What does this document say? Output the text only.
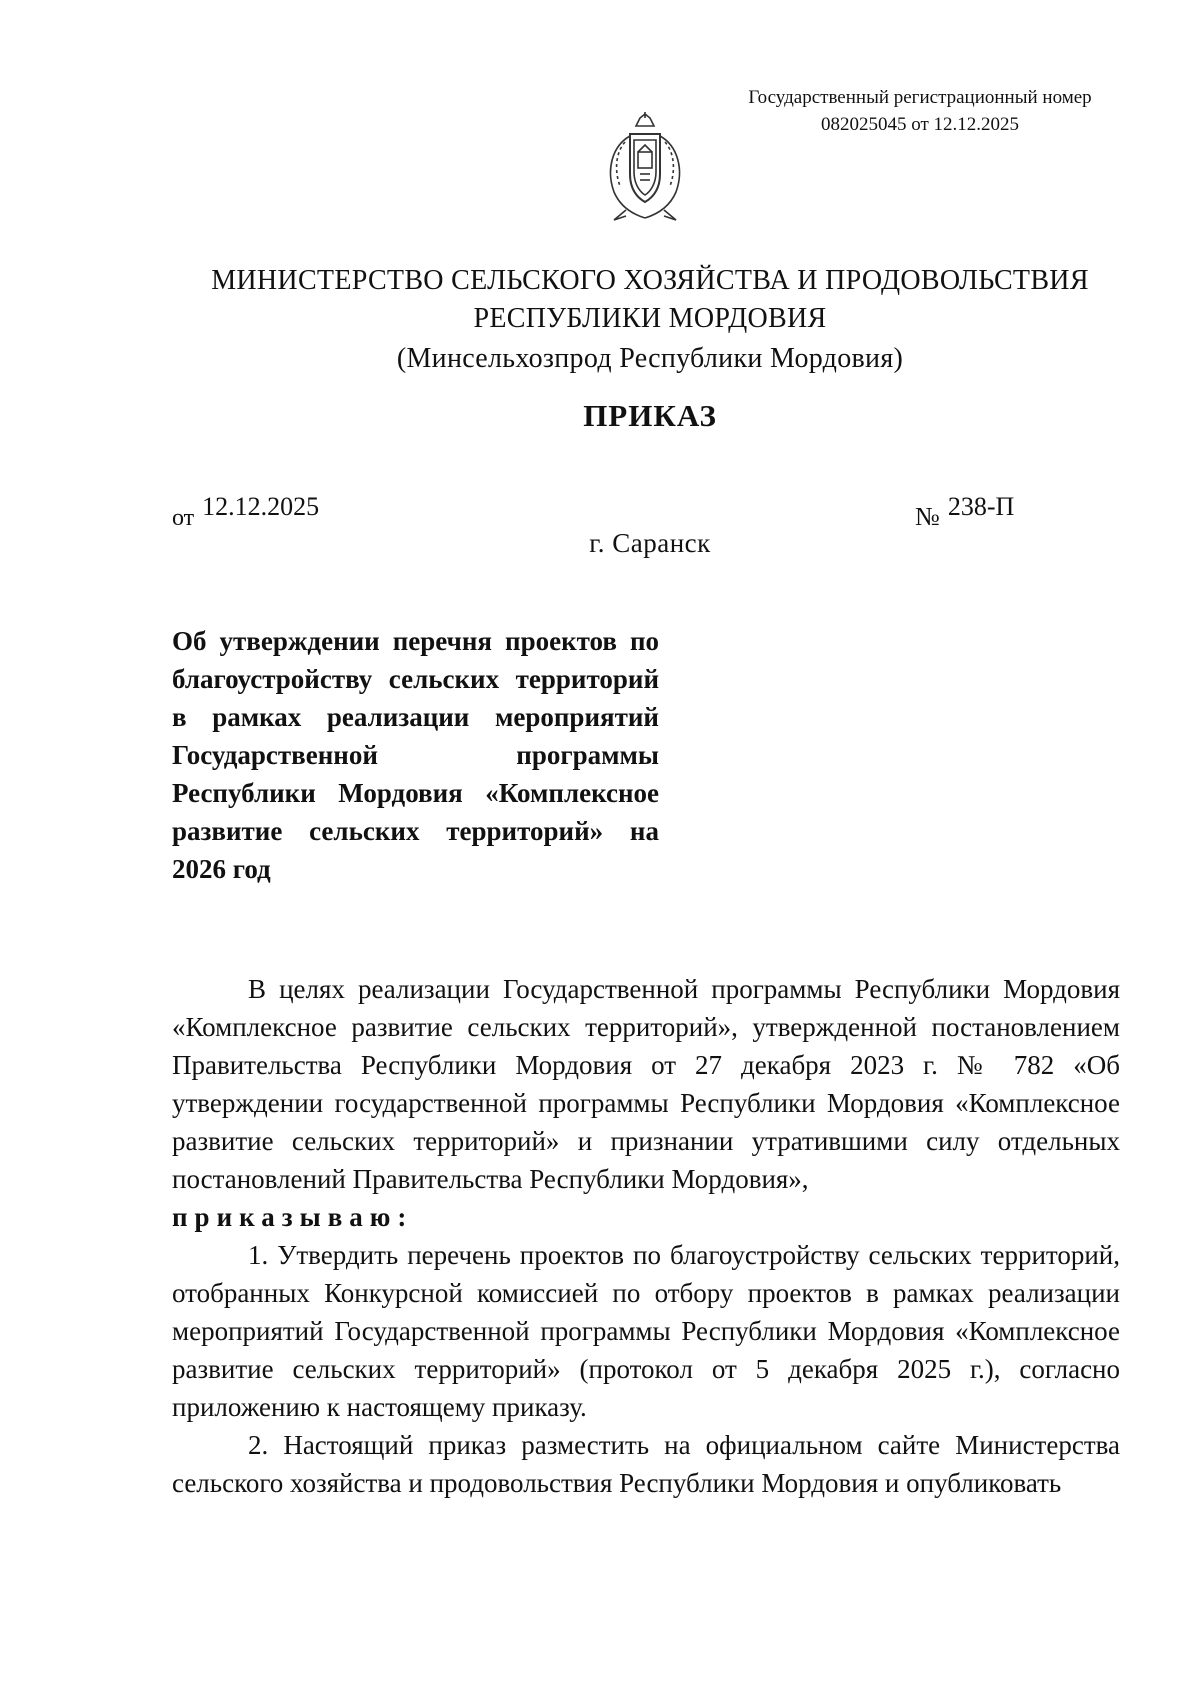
Государственный регистрационный номер
082025045 от 12.12.2025
МИНИСТЕРСТВО СЕЛЬСКОГО ХОЗЯЙСТВА И ПРОДОВОЛЬСТВИЯ
РЕСПУБЛИКИ МОРДОВИЯ
(Минсельхозпрод Республики Мордовия)
ПРИКАЗ
от 12.12.2025	№ 238-П
г. Саранск
Об утверждении перечня проектов по благоустройству сельских территорий в рамках реализации мероприятий Государственной программы Республики Мордовия «Комплексное развитие сельских территорий» на 2026 год

В целях реализации Государственной программы Республики Мордовия «Комплексное развитие сельских территорий», утвержденной постановлением Правительства Республики Мордовия от 27 декабря 2023 г. № 782 «Об утверждении государственной программы Республики Мордовия «Комплексное развитие сельских территорий» и признании утратившими силу отдельных постановлений Правительства Республики Мордовия»,

приказываю:

1. Утвердить перечень проектов по благоустройству сельских территорий, отобранных Конкурсной комиссией по отбору проектов в рамках реализации мероприятий Государственной программы Республики Мордовия «Комплексное развитие сельских территорий» (протокол от 5 декабря 2025 г.), согласно приложению к настоящему приказу.

2. Настоящий приказ разместить на официальном сайте Министерства сельского хозяйства и продовольствия Республики Мордовия и опубликовать
